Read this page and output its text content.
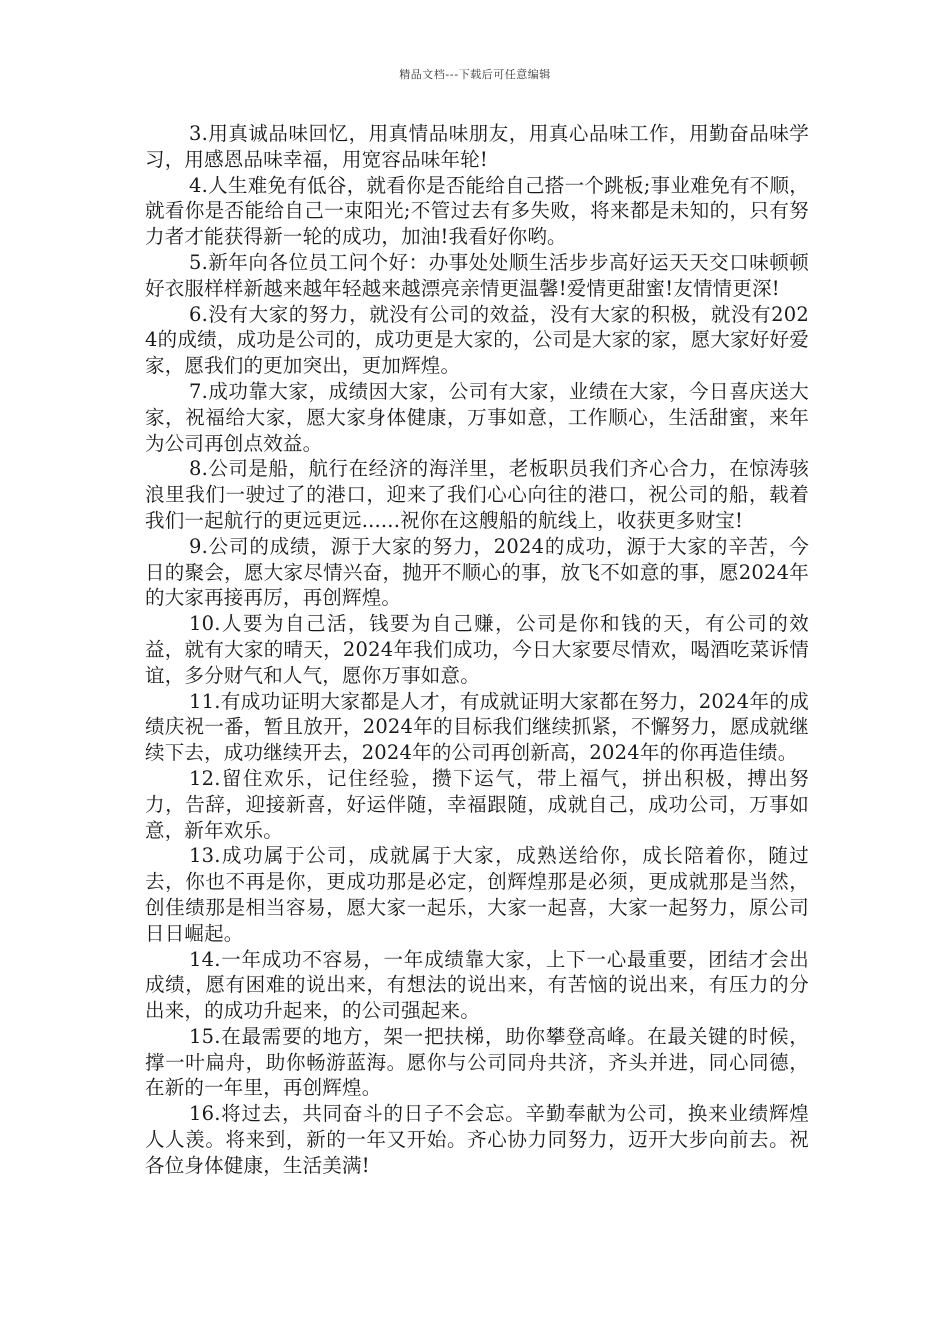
精品文档---下载后可任意编辑

3.用真诚品味回忆，用真情品味朋友，用真心品味工作，用勤奋品味学习，用感恩品味幸福，用宽容品味年轮!

4.人生难免有低谷，就看你是否能给自己搭一个跳板;事业难免有不顺，就看你是否能给自己一束阳光;不管过去有多失败，将来都是未知的，只有努力者才能获得新一轮的成功，加油!我看好你哟。

5.新年向各位员工问个好：办事处处顺生活步步高好运天天交口味顿顿好衣服样样新越来越年轻越来越漂亮亲情更温馨!爱情更甜蜜!友情情更深!

6.没有大家的努力，就没有公司的效益，没有大家的积极，就没有2024的成绩，成功是公司的，成功更是大家的，公司是大家的家，愿大家好好爱家，愿我们的更加突出，更加辉煌。

7.成功靠大家，成绩因大家，公司有大家，业绩在大家，今日喜庆送大家，祝福给大家，愿大家身体健康，万事如意，工作顺心，生活甜蜜，来年为公司再创点效益。

8.公司是船，航行在经济的海洋里，老板职员我们齐心合力，在惊涛骇浪里我们一驶过了的港口，迎来了我们心心向往的港口，祝公司的船，载着我们一起航行的更远更远......祝你在这艘船的航线上，收获更多财宝!

9.公司的成绩，源于大家的努力，2024的成功，源于大家的辛苦，今日的聚会，愿大家尽情兴奋，抛开不顺心的事，放飞不如意的事，愿2024年的大家再接再厉，再创辉煌。

10.人要为自己活，钱要为自己赚，公司是你和钱的天，有公司的效益，就有大家的晴天，2024年我们成功，今日大家要尽情欢，喝酒吃菜诉情谊，多分财气和人气，愿你万事如意。

11.有成功证明大家都是人才，有成就证明大家都在努力，2024年的成绩庆祝一番，暂且放开，2024年的目标我们继续抓紧，不懈努力，愿成就继续下去，成功继续开去，2024年的公司再创新高，2024年的你再造佳绩。

12.留住欢乐，记住经验，攒下运气，带上福气，拼出积极，搏出努力，告辞，迎接新喜，好运伴随，幸福跟随，成就自己，成功公司，万事如意，新年欢乐。

13.成功属于公司，成就属于大家，成熟送给你，成长陪着你，随过去，你也不再是你，更成功那是必定，创辉煌那是必须，更成就那是当然，创佳绩那是相当容易，愿大家一起乐，大家一起喜，大家一起努力，原公司日日崛起。

14.一年成功不容易，一年成绩靠大家，上下一心最重要，团结才会出成绩，愿有困难的说出来，有想法的说出来，有苦恼的说出来，有压力的分出来，的成功升起来，的公司强起来。

15.在最需要的地方，架一把扶梯，助你攀登高峰。在最关键的时候，撑一叶扁舟，助你畅游蓝海。愿你与公司同舟共济，齐头并进，同心同德，在新的一年里，再创辉煌。

16.将过去，共同奋斗的日子不会忘。辛勤奉献为公司，换来业绩辉煌人人羡。将来到，新的一年又开始。齐心协力同努力，迈开大步向前去。祝各位身体健康，生活美满!
